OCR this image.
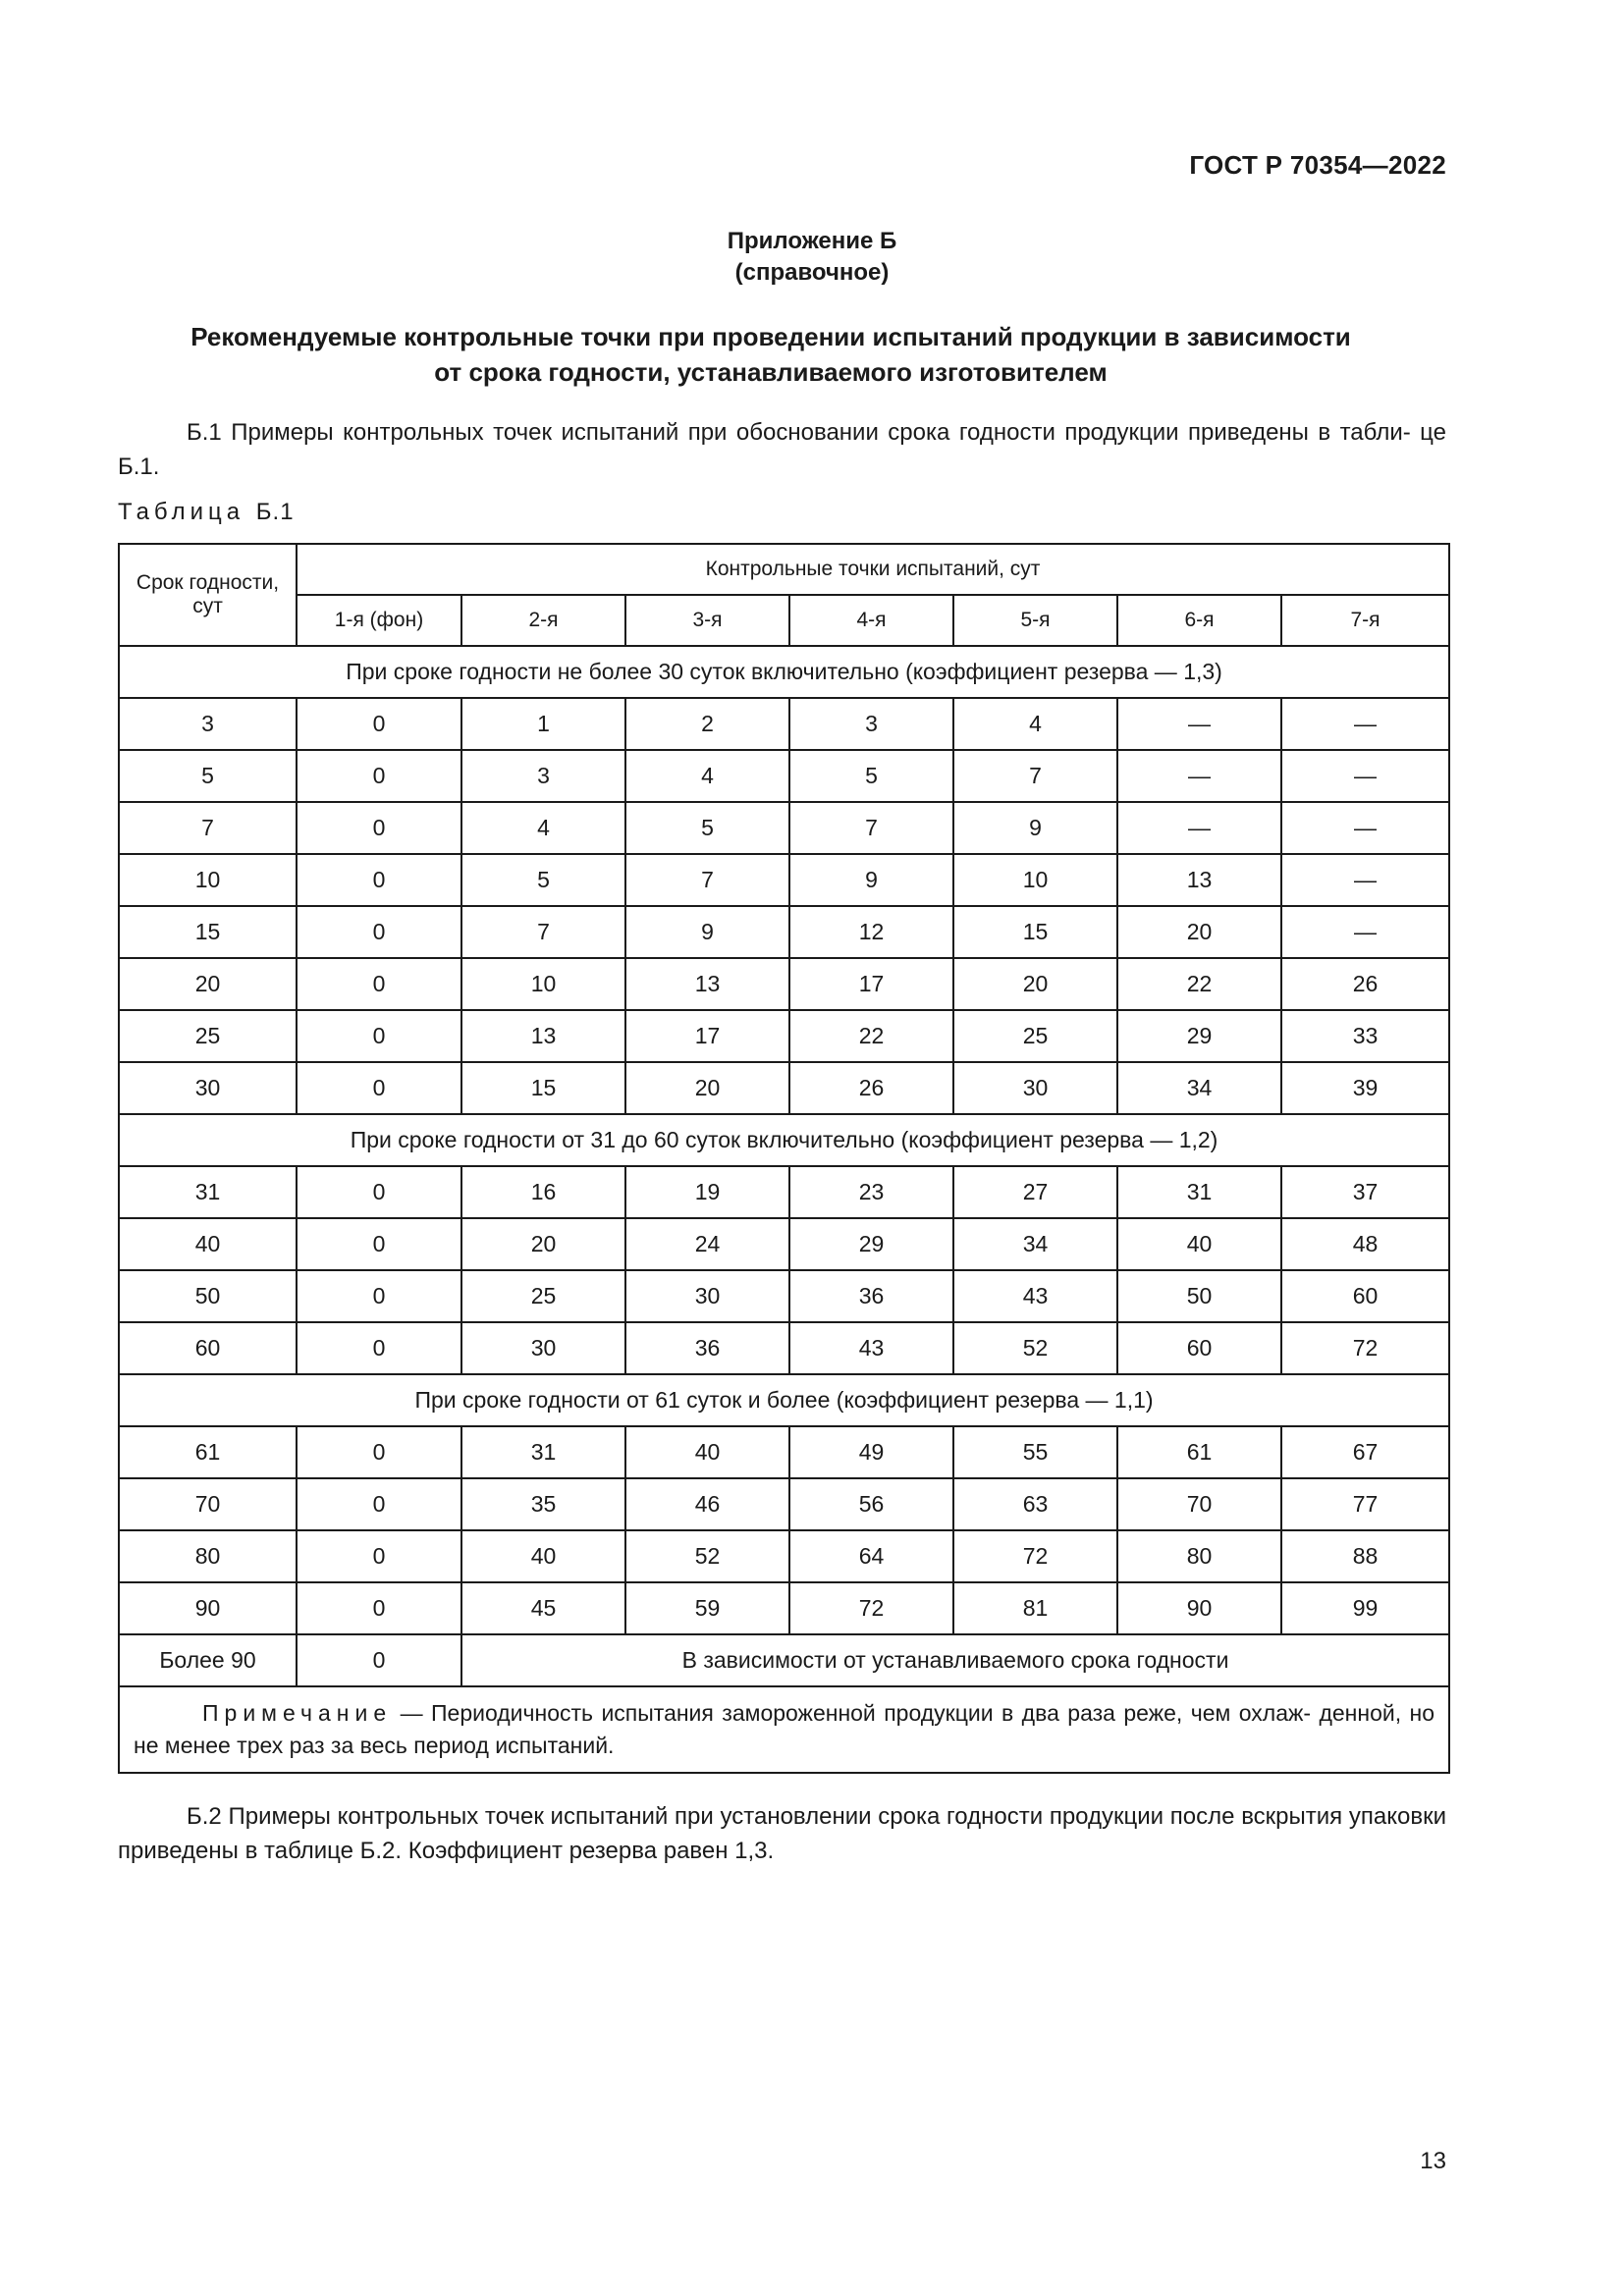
ГОСТ Р 70354—2022
Приложение Б
(справочное)
Рекомендуемые контрольные точки при проведении испытаний продукции в зависимости
от срока годности, устанавливаемого изготовителем
Б.1 Примеры контрольных точек испытаний при обосновании срока годности продукции приведены в табли- це Б.1.
Таблица Б.1
Срок годности, сут	Контрольные точки испытаний, сут						
	1-я (фон)	2-я	3-я	4-я	5-я	6-я	7-я
При сроке годности не более 30 суток включительно (коэффициент резерва — 1,3)							
3	0	1	2	3	4	—	—
5	0	3	4	5	7	—	—
7	0	4	5	7	9	—	—
10	0	5	7	9	10	13	—
15	0	7	9	12	15	20	—
20	0	10	13	17	20	22	26
25	0	13	17	22	25	29	33
30	0	15	20	26	30	34	39
При сроке годности от 31 до 60 суток включительно (коэффициент резерва — 1,2)							
31	0	16	19	23	27	31	37
40	0	20	24	29	34	40	48
50	0	25	30	36	43	50	60
60	0	30	36	43	52	60	72
При сроке годности от 61 суток и более (коэффициент резерва — 1,1)							
61	0	31	40	49	55	61	67
70	0	35	46	56	63	70	77
80	0	40	52	64	72	80	88
90	0	45	59	72	81	90	99
Более 90	0	В зависимости от устанавливаемого срока годности					
Примечание — Периодичность испытания замороженной продукции в два раза реже, чем охлаж- денной, но не менее трех раз за весь период испытаний.							
Б.2 Примеры контрольных точек испытаний при установлении срока годности продукции после вскрытия упаковки приведены в таблице Б.2. Коэффициент резерва равен 1,3.
13
